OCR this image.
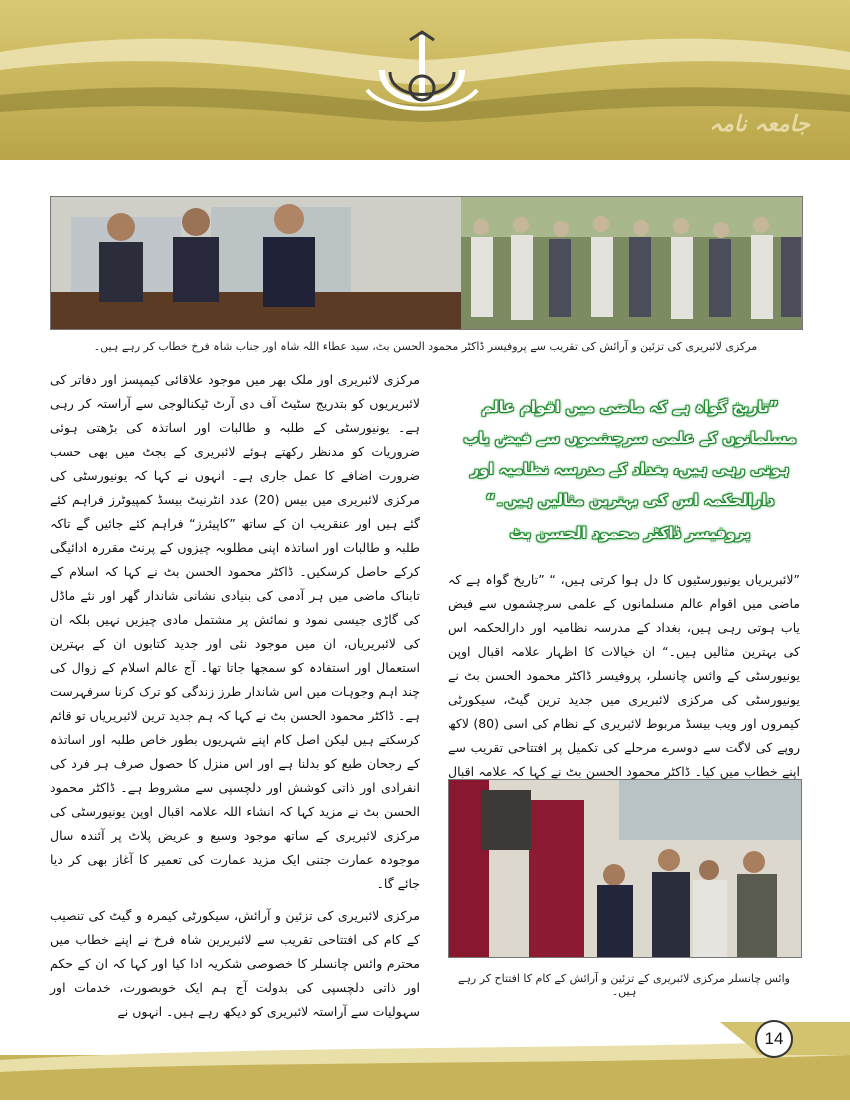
جامعہ نامہ
مرکزی لائبریری کی تزئین و آرائش کی تقریب سے پروفیسر ڈاکٹر محمود الحسن بٹ، سید عطاء اللہ شاہ اور جناب شاہ فرخ خطاب کر رہے ہیں۔

مرکزی لائبریری اور ملک بھر میں موجود علاقائی کیمپسز اور دفاتر کی لائبریریوں کو بتدریج سٹیٹ آف دی آرٹ ٹیکنالوجی سے آراستہ کر رہی ہے۔ یونیورسٹی کے طلبہ و طالبات اور اساتذہ کی بڑھتی ہوئی ضروریات کو مدنظر رکھتے ہوئے لائبریری کے بجٹ میں بھی حسب ضرورت اضافے کا عمل جاری ہے۔ انہوں نے کہا کہ یونیورسٹی کی مرکزی لائبریری میں بیس (20) عدد انٹرنیٹ بیسڈ کمپیوٹرز فراہم کئے گئے ہیں اور عنقریب ان کے ساتھ ”کاپیئرز“ فراہم کئے جائیں گے تاکہ طلبہ و طالبات اور اساتذہ اپنی مطلوبہ چیزوں کے پرنٹ مقررہ ادائیگی کرکے حاصل کرسکیں۔ ڈاکٹر محمود الحسن بٹ نے کہا کہ اسلام کے تابناک ماضی میں ہر آدمی کی بنیادی نشانی شاندار گھر اور نئے ماڈل کی گاڑی جیسی نمود و نمائش پر مشتمل مادی چیزیں نہیں بلکہ ان کی لائبریریاں، ان میں موجود نئی اور جدید کتابوں ان کے بہترین استعمال اور استفادہ کو سمجھا جاتا تھا۔ آج عالم اسلام کے زوال کی چند اہم وجوہات میں اس شاندار طرز زندگی کو ترک کرنا سرفہرست ہے۔ ڈاکٹر محمود الحسن بٹ نے کہا کہ ہم جدید ترین لائبریریاں تو قائم کرسکتے ہیں لیکن اصل کام اپنے شہریوں بطور خاص طلبہ اور اساتذہ کے رجحان طبع کو بدلنا ہے اور اس منزل کا حصول صرف ہر فرد کی انفرادی اور ذاتی کوشش اور دلچسپی سے مشروط ہے۔ ڈاکٹر محمود الحسن بٹ نے مزید کہا کہ انشاء اللہ علامہ اقبال اوپن یونیورسٹی کی مرکزی لائبریری کے ساتھ موجود وسیع و عریض پلاٹ پر آئندہ سال موجودہ عمارت جتنی ایک مزید عمارت کی تعمیر کا آغاز بھی کر دیا جائے گا۔

مرکزی لائبریری کی تزئین و آرائش، سیکورٹی کیمرہ و گیٹ کی تنصیب کے کام کی افتتاحی تقریب سے لائبریرین شاہ فرخ نے اپنے خطاب میں محترم وائس چانسلر کا خصوصی شکریہ ادا کیا اور کہا کہ ان کے حکم اور ذاتی دلچسپی کی بدولت آج ہم ایک خوبصورت، خدمات اور سہولیات سے آراستہ لائبریری کو دیکھ رہے ہیں۔ انہوں نے

”تاریخ گواہ ہے کہ ماضی میں اقوام عالم مسلمانوں کے علمی سرچشموں سے فیض یاب ہوتی رہی ہیں، بغداد کے مدرسہ نظامیہ اور دارالحکمہ اس کی بہترین مثالیں ہیں۔“
پروفیسر ڈاکٹر محمود الحسن بٹ
”لائبریریاں یونیورسٹیوں کا دل ہوا کرتی ہیں، “ ”تاریخ گواہ ہے کہ ماضی میں اقوام عالم مسلمانوں کے علمی سرچشموں سے فیض یاب ہوتی رہی ہیں، بغداد کے مدرسہ نظامیہ اور دارالحکمہ اس کی بہترین مثالیں ہیں۔“ ان خیالات کا اظہار علامہ اقبال اوپن یونیورسٹی کے وائس چانسلر، پروفیسر ڈاکٹر محمود الحسن بٹ نے یونیورسٹی کی مرکزی لائبریری میں جدید ترین گیٹ، سیکورٹی کیمروں اور ویب بیسڈ مربوط لائبریری کے نظام کی اسی (80) لاکھ روپے کی لاگت سے دوسرے مرحلے کی تکمیل پر افتتاحی تقریب سے اپنے خطاب میں کیا۔ ڈاکٹر محمود الحسن بٹ نے کہا کہ علامہ اقبال
وائس چانسلر مرکزی لائبریری کے تزئین و آرائش کے کام کا افتتاح کر رہے ہیں۔
14
